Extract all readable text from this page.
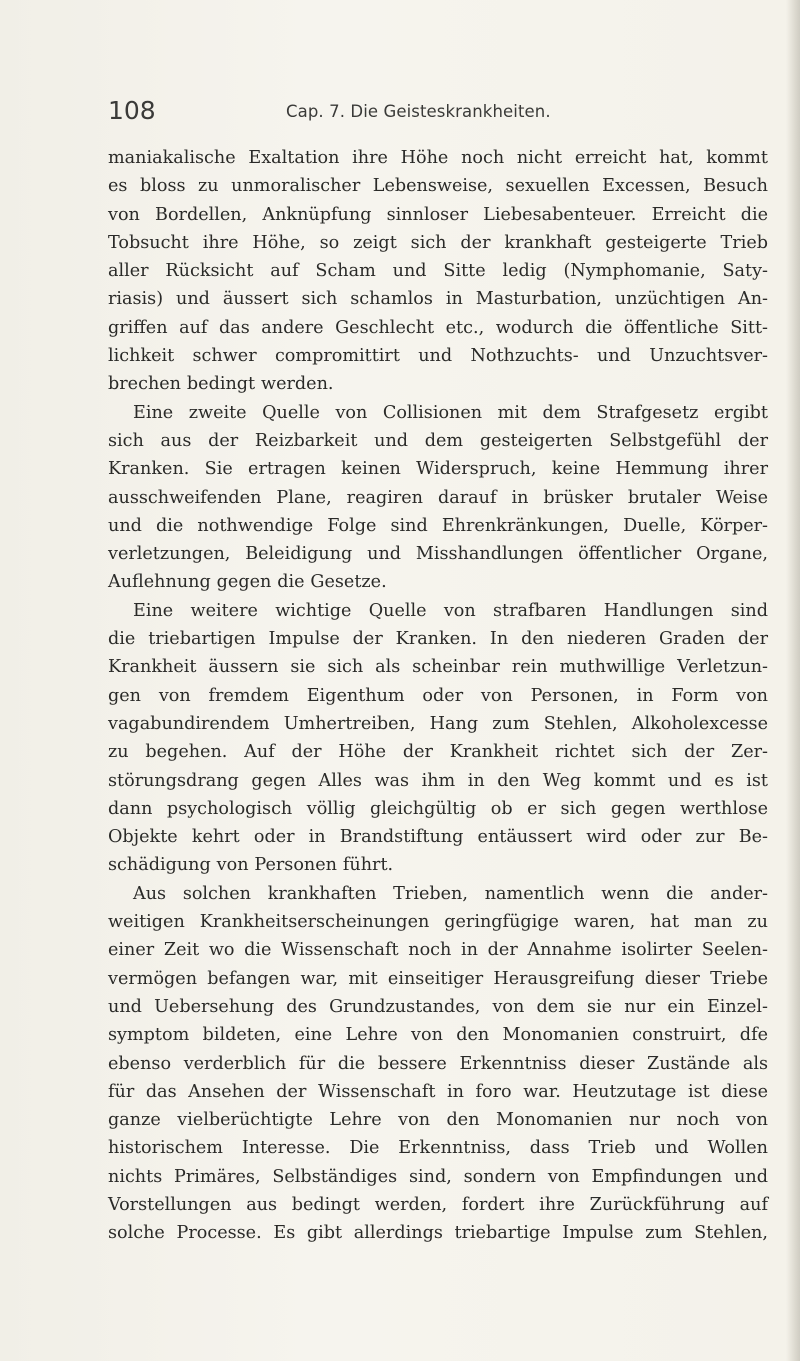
108	Cap. 7. Die Geisteskrankheiten.

maniakalische Exaltation ihre Höhe noch nicht erreicht hat, kommt
es bloss zu unmoralischer Lebensweise, sexuellen Excessen, Besuch
von Bordellen, Anknüpfung sinnloser Liebesabenteuer. Erreicht die
Tobsucht ihre Höhe, so zeigt sich der krankhaft gesteigerte Trieb
aller Rücksicht auf Scham und Sitte ledig (Nymphomanie, Saty-
riasis) und äussert sich schamlos in Masturbation, unzüchtigen An-
griffen auf das andere Geschlecht etc., wodurch die öffentliche Sitt-
lichkeit schwer compromittirt und Nothzuchts- und Unzuchtsver-
brechen bedingt werden.

Eine zweite Quelle von Collisionen mit dem Strafgesetz ergibt
sich aus der Reizbarkeit und dem gesteigerten Selbstgefühl der
Kranken. Sie ertragen keinen Widerspruch, keine Hemmung ihrer
ausschweifenden Plane, reagiren darauf in brüsker brutaler Weise
und die nothwendige Folge sind Ehrenkränkungen, Duelle, Körper-
verletzungen, Beleidigung und Misshandlungen öffentlicher Organe,
Auflehnung gegen die Gesetze.

Eine weitere wichtige Quelle von strafbaren Handlungen sind
die triebartigen Impulse der Kranken. In den niederen Graden der
Krankheit äussern sie sich als scheinbar rein muthwillige Verletzun-
gen von fremdem Eigenthum oder von Personen, in Form von
vagabundirendem Umhertreiben, Hang zum Stehlen, Alkoholexcesse
zu begehen. Auf der Höhe der Krankheit richtet sich der Zer-
störungsdrang gegen Alles was ihm in den Weg kommt und es ist
dann psychologisch völlig gleichgültig ob er sich gegen werthlose
Objekte kehrt oder in Brandstiftung entäussert wird oder zur Be-
schädigung von Personen führt.

Aus solchen krankhaften Trieben, namentlich wenn die ander-
weitigen Krankheitserscheinungen geringfügige waren, hat man zu
einer Zeit wo die Wissenschaft noch in der Annahme isolirter Seelen-
vermögen befangen war, mit einseitiger Herausgreifung dieser Triebe
und Uebersehung des Grundzustandes, von dem sie nur ein Einzel-
symptom bildeten, eine Lehre von den Monomanien construirt, dfe
ebenso verderblich für die bessere Erkenntniss dieser Zustände als
für das Ansehen der Wissenschaft in foro war. Heutzutage ist diese
ganze vielberüchtigte Lehre von den Monomanien nur noch von
historischem Interesse. Die Erkenntniss, dass Trieb und Wollen
nichts Primäres, Selbständiges sind, sondern von Empfindungen und
Vorstellungen aus bedingt werden, fordert ihre Zurückführung auf
solche Processe. Es gibt allerdings triebartige Impulse zum Stehlen,
